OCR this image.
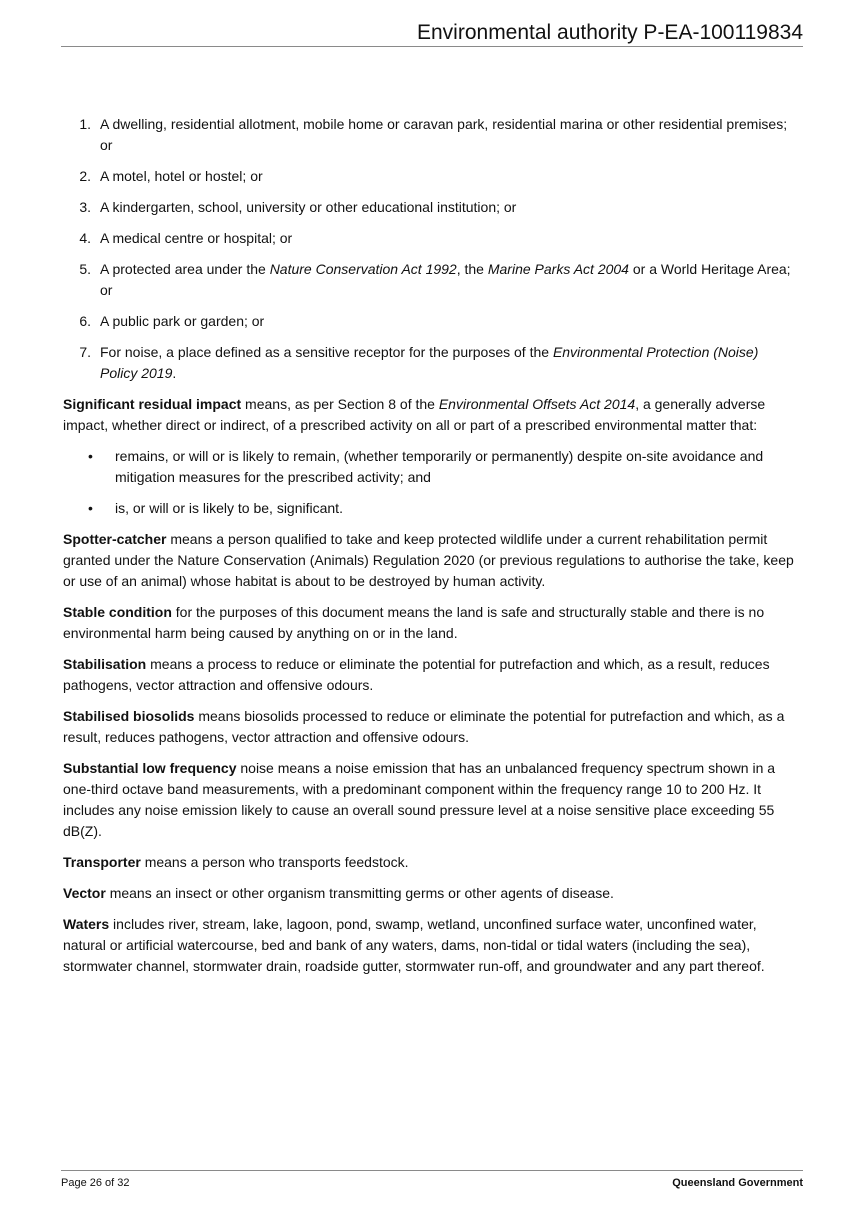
Environmental authority P-EA-100119834
1. A dwelling, residential allotment, mobile home or caravan park, residential marina or other residential premises; or
2. A motel, hotel or hostel; or
3. A kindergarten, school, university or other educational institution; or
4. A medical centre or hospital; or
5. A protected area under the Nature Conservation Act 1992, the Marine Parks Act 2004 or a World Heritage Area; or
6. A public park or garden; or
7. For noise, a place defined as a sensitive receptor for the purposes of the Environmental Protection (Noise) Policy 2019.

Significant residual impact means, as per Section 8 of the Environmental Offsets Act 2014, a generally adverse impact, whether direct or indirect, of a prescribed activity on all or part of a prescribed environmental matter that:

•	remains, or will or is likely to remain, (whether temporarily or permanently) despite on-site avoidance and mitigation measures for the prescribed activity; and
•	is, or will or is likely to be, significant.

Spotter-catcher means a person qualified to take and keep protected wildlife under a current rehabilitation permit granted under the Nature Conservation (Animals) Regulation 2020 (or previous regulations to authorise the take, keep or use of an animal) whose habitat is about to be destroyed by human activity.

Stable condition for the purposes of this document means the land is safe and structurally stable and there is no environmental harm being caused by anything on or in the land.

Stabilisation means a process to reduce or eliminate the potential for putrefaction and which, as a result, reduces pathogens, vector attraction and offensive odours.

Stabilised biosolids means biosolids processed to reduce or eliminate the potential for putrefaction and which, as a result, reduces pathogens, vector attraction and offensive odours.

Substantial low frequency noise means a noise emission that has an unbalanced frequency spectrum shown in a one-third octave band measurements, with a predominant component within the frequency range 10 to 200 Hz. It includes any noise emission likely to cause an overall sound pressure level at a noise sensitive place exceeding 55 dB(Z).

Transporter means a person who transports feedstock.

Vector means an insect or other organism transmitting germs or other agents of disease.

Waters includes river, stream, lake, lagoon, pond, swamp, wetland, unconfined surface water, unconfined water, natural or artificial watercourse, bed and bank of any waters, dams, non-tidal or tidal waters (including the sea), stormwater channel, stormwater drain, roadside gutter, stormwater run-off, and groundwater and any part thereof.

Page 26 of 32	Queensland Government
